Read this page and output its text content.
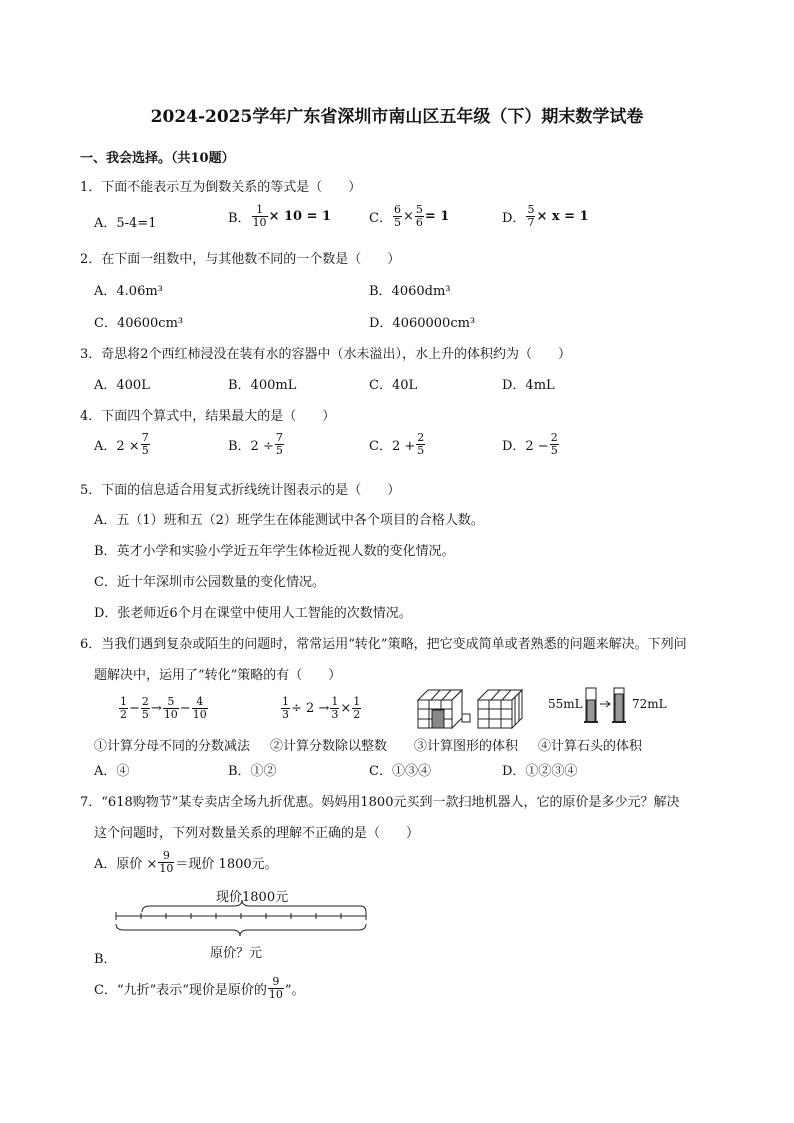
2024-2025学年广东省深圳市南山区五年级（下）期末数学试卷
一、我会选择。（共10题）
1．下面不能表示互为倒数关系的等式是（　　）
A．5-4=1	B． $\frac{1}{10} \times 10 = 1$	C． $\frac{6}{5} \times \frac{5}{6} = 1$	D． $\frac{5}{7} \times x = 1$
2．在下面一组数中，与其他数不同的一个数是（　　）
A．4.06m³	B．4060dm³
C．40600cm³	D．4060000cm³
3．奇思将2个西红柿浸没在装有水的容器中（水未溢出），水上升的体积约为（　　）
A．400L	B．400mL	C．40L	D．4mL
4．下面四个算式中，结果最大的是（　　）
A．$2 \times \frac{7}{5}$	B．$2 \div \frac{7}{5}$	C．$2 + \frac{2}{5}$	D．$2 - \frac{2}{5}$
5．下面的信息适合用复式折线统计图表示的是（　　）
A．五（1）班和五（2）班学生在体能测试中各个项目的合格人数。
B．英才小学和实验小学近五年学生体检近视人数的变化情况。
C．近十年深圳市公园数量的变化情况。
D．张老师近6个月在课堂中使用人工智能的次数情况。
6．当我们遇到复杂或陌生的问题时，常常运用“转化”策略，把它变成简单或者熟悉的问题来解决。下列问
题解决中，运用了“转化”策略的有（　　）
$\frac{1}{2} - \frac{2}{5} \to \frac{5}{10} - \frac{4}{10}$	$\frac{1}{3} \div 2 \to \frac{1}{3} \times \frac{1}{2}$	55mL	72mL
①计算分母不同的分数减法 ②计算分数除以整数 ③计算图形的体积 ④计算石头的体积
A．④	B．①②	C．①③④	D．①②③④
7．“618购物节”某专卖店全场九折优惠。妈妈用1800元买到一款扫地机器人，它的原价是多少元？解决
这个问题时，下列对数量关系的理解不正确的是（　　）
A．原价 × $\frac{9}{10}$ ＝现价 1800元。
现价1800元
原价？元
B．
C．“九折”表示“现价是原价的 $\frac{9}{10}$ ”。
